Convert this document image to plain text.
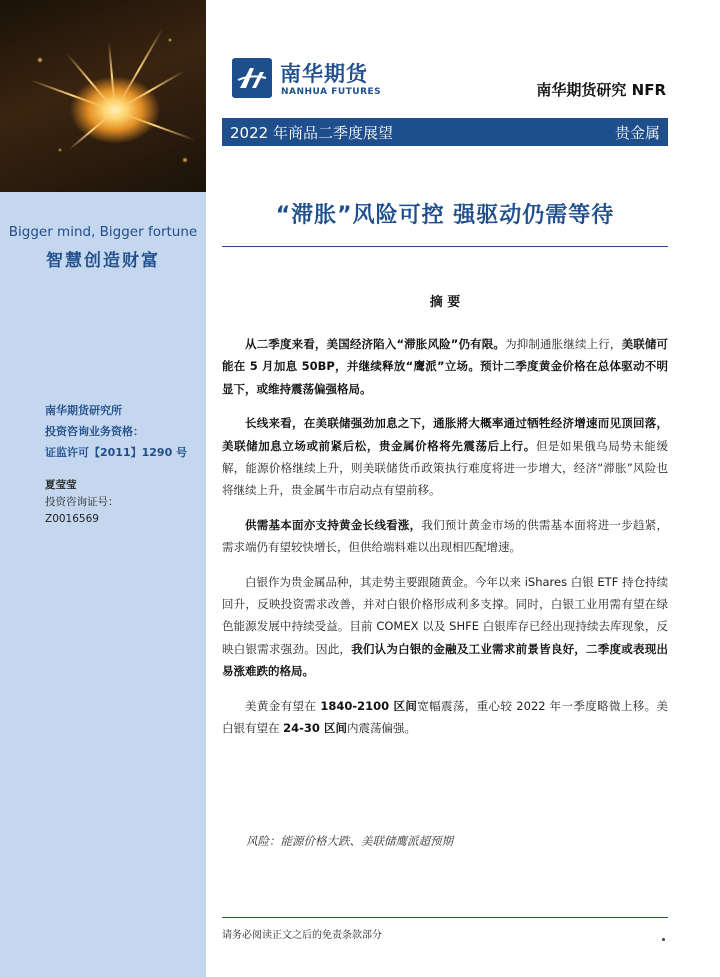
Bigger mind, Bigger fortune
智慧创造财富
南华期货研究所
投资咨询业务资格：
证监许可【2011】1290 号
夏莹莹
投资咨询证号：
Z0016569
南华期货
NANHUA FUTURES	南华期货研究 NFR
2022 年商品二季度展望	贵金属
“滞胀”风险可控 强驱动仍需等待
摘 要

从二季度来看，美国经济陷入“滞胀风险”仍有限。为抑制通胀继续上行，美联储可能在 5 月加息 50BP，并继续释放“鹰派”立场。预计二季度黄金价格在总体驱动不明显下，或维持震荡偏强格局。

长线来看，在美联储强劲加息之下，通胀將大概率通过牺牲经济增速而见顶回落，美联储加息立场或前紧后松，贵金属价格将先震荡后上行。但是如果俄乌局势未能缓解，能源价格继续上升，则美联储货币政策执行难度将进一步增大，经济“滞胀”风险也将继续上升，贵金属牛市启动点有望前移。

供需基本面亦支持黄金长线看涨，我们预计黄金市场的供需基本面将进一步趋紧，需求端仍有望较快增长，但供给端料难以出现相匹配增速。

白银作为贵金属品种，其走势主要跟随黄金。今年以来 iShares 白银 ETF 持仓持续回升，反映投资需求改善，并对白银价格形成利多支撑。同时，白银工业用需有望在绿色能源发展中持续受益。目前 COMEX 以及 SHFE 白银库存已经出现持续去库现象，反映白银需求强劲。因此，我们认为白银的金融及工业需求前景皆良好，二季度或表现出易涨难跌的格局。

美黄金有望在 1840-2100 区间宽幅震荡，重心较 2022 年一季度略微上移。美白银有望在 24-30 区间内震荡偏强。

风险：能源价格大跌、美联储鹰派超预期
请务必阅读正文之后的免责条款部分
